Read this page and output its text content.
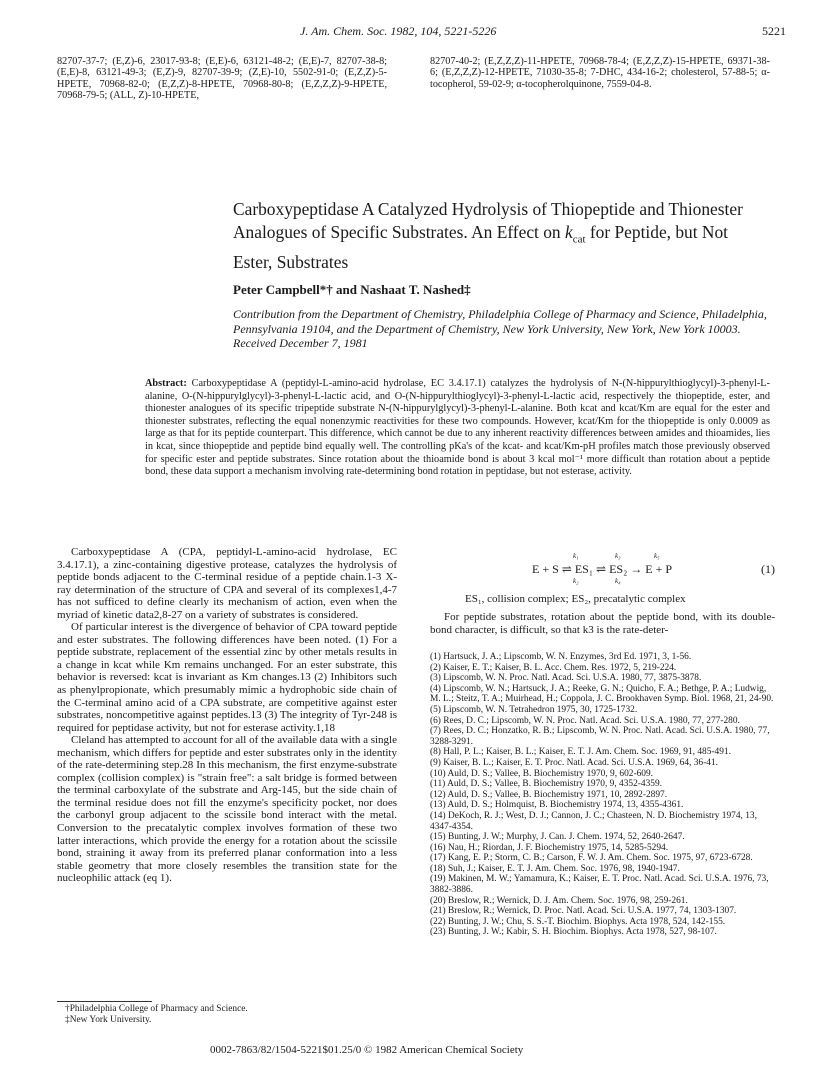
J. Am. Chem. Soc. 1982, 104, 5221-5226	5221
82707-37-7; (E,Z)-6, 23017-93-8; (E,E)-6, 63121-48-2; (E,E)-7, 82707-38-8; (E,E)-8, 63121-49-3; (E,Z)-9, 82707-39-9; (Z,E)-10, 5502-91-0; (E,Z,Z)-5-HPETE, 70968-82-0; (E,Z,Z)-8-HPETE, 70968-80-8; (E,Z,Z,Z)-9-HPETE, 70968-79-5; (ALL, Z)-10-HPETE,
82707-40-2; (E,Z,Z,Z)-11-HPETE, 70968-78-4; (E,Z,Z,Z)-15-HPETE, 69371-38-6; (E,Z,Z,Z)-12-HPETE, 71030-35-8; 7-DHC, 434-16-2; cholesterol, 57-88-5; α-tocopherol, 59-02-9; α-tocopherolquinone, 7559-04-8.
Carboxypeptidase A Catalyzed Hydrolysis of Thiopeptide and Thionester Analogues of Specific Substrates. An Effect on $k_{cat}$ for Peptide, but Not Ester, Substrates
Peter Campbell*† and Nashaat T. Nashed‡
Contribution from the Department of Chemistry, Philadelphia College of Pharmacy and Science, Philadelphia, Pennsylvania 19104, and the Department of Chemistry, New York University, New York, New York 10003. Received December 7, 1981
Abstract: Carboxypeptidase A (peptidyl-L-amino-acid hydrolase, EC 3.4.17.1) catalyzes the hydrolysis of N-(N-hippurylthioglycyl)-3-phenyl-L-alanine, O-(N-hippurylglycyl)-3-phenyl-L-lactic acid, and O-(N-hippurylthioglycyl)-3-phenyl-L-lactic acid, respectively the thiopeptide, ester, and thionester analogues of its specific tripeptide substrate N-(N-hippurylglycyl)-3-phenyl-L-alanine. Both kcat and kcat/Km are equal for the ester and thionester substrates, reflecting the equal nonenzymic reactivities for these two compounds. However, kcat/Km for the thiopeptide is only 0.0009 as large as that for its peptide counterpart. This difference, which cannot be due to any inherent reactivity differences between amides and thioamides, lies in kcat, since thiopeptide and peptide bind equally well. The controlling pKa's of the kcat- and kcat/Km-pH profiles match those previously observed for specific ester and peptide substrates. Since rotation about the thioamide bond is about 3 kcal mol⁻¹ more difficult than rotation about a peptide bond, these data support a mechanism involving rate-determining bond rotation in peptidase, but not esterase, activity.

Carboxypeptidase A (CPA, peptidyl-L-amino-acid hydrolase, EC 3.4.17.1), a zinc-containing digestive protease, catalyzes the hydrolysis of peptide bonds adjacent to the C-terminal residue of a peptide chain.1-3 X-ray determination of the structure of CPA and several of its complexes1,4-7 has not sufficed to define clearly its mechanism of action, even when the myriad of kinetic data2,8-27 on a variety of substrates is considered.

Of particular interest is the divergence of behavior of CPA toward peptide and ester substrates. The following differences have been noted. (1) For a peptide substrate, replacement of the essential zinc by other metals results in a change in kcat while Km remains unchanged. For an ester substrate, this behavior is reversed: kcat is invariant as Km changes.13 (2) Inhibitors such as phenylpropionate, which presumably mimic a hydrophobic side chain of the C-terminal amino acid of a CPA substrate, are competitive against ester substrates, noncompetitive against peptides.13 (3) The integrity of Tyr-248 is required for peptidase activity, but not for esterase activity.1,18

Cleland has attempted to account for all of the available data with a single mechanism, which differs for peptide and ester substrates only in the identity of the rate-determining step.28 In this mechanism, the first enzyme-substrate complex (collision complex) is "strain free": a salt bridge is formed between the terminal carboxylate of the substrate and Arg-145, but the side chain of the terminal residue does not fill the enzyme's specificity pocket, nor does the carbonyl group adjacent to the scissile bond interact with the metal. Conversion to the precatalytic complex involves formation of these two latter interactions, which provide the energy for a rotation about the scissile bond, straining it away from its preferred planar conformation into a less stable geometry that more closely resembles the transition state for the nucleophilic attack (eq 1).

k₁
k₂
k₃
k₄
k₅
E + S ⇌ ES₁ ⇌ ES₂ → E + P	(1)
ES₁, collision complex; ES₂, precatalytic complex
For peptide substrates, rotation about the peptide bond, with its double-bond character, is difficult, so that k3 is the rate-deter-

(1) Hartsuck, J. A.; Lipscomb, W. N. Enzymes, 3rd Ed. 1971, 3, 1-56.

(2) Kaiser, E. T.; Kaiser, B. L. Acc. Chem. Res. 1972, 5, 219-224.

(3) Lipscomb, W. N. Proc. Natl. Acad. Sci. U.S.A. 1980, 77, 3875-3878.

(4) Lipscomb, W. N.; Hartsuck, J. A.; Reeke, G. N.; Quicho, F. A.; Bethge, P. A.; Ludwig, M. L.; Steitz, T. A.; Muirhead, H.; Coppola, J. C. Brookhaven Symp. Biol. 1968, 21, 24-90.

(5) Lipscomb, W. N. Tetrahedron 1975, 30, 1725-1732.

(6) Rees, D. C.; Lipscomb, W. N. Proc. Natl. Acad. Sci. U.S.A. 1980, 77, 277-280.

(7) Rees, D. C.; Honzatko, R. B.; Lipscomb, W. N. Proc. Natl. Acad. Sci. U.S.A. 1980, 77, 3288-3291.

(8) Hall, P. L.; Kaiser, B. L.; Kaiser, E. T. J. Am. Chem. Soc. 1969, 91, 485-491.

(9) Kaiser, B. L.; Kaiser, E. T. Proc. Natl. Acad. Sci. U.S.A. 1969, 64, 36-41.

(10) Auld, D. S.; Vallee, B. Biochemistry 1970, 9, 602-609.

(11) Auld, D. S.; Vallee, B. Biochemistry 1970, 9, 4352-4359.

(12) Auld, D. S.; Vallee, B. Biochemistry 1971, 10, 2892-2897.

(13) Auld, D. S.; Holmquist, B. Biochemistry 1974, 13, 4355-4361.

(14) DeKoch, R. J.; West, D. J.; Cannon, J. C.; Chasteen, N. D. Biochemistry 1974, 13, 4347-4354.

(15) Bunting, J. W.; Murphy, J. Can. J. Chem. 1974, 52, 2640-2647.

(16) Nau, H.; Riordan, J. F. Biochemistry 1975, 14, 5285-5294.

(17) Kang, E. P.; Storm, C. B.; Carson, F. W. J. Am. Chem. Soc. 1975, 97, 6723-6728.

(18) Suh, J.; Kaiser, E. T. J. Am. Chem. Soc. 1976, 98, 1940-1947.

(19) Makinen, M. W.; Yamamura, K.; Kaiser, E. T. Proc. Natl. Acad. Sci. U.S.A. 1976, 73, 3882-3886.

(20) Breslow, R.; Wernick, D. J. Am. Chem. Soc. 1976, 98, 259-261.

(21) Breslow, R.; Wernick, D. Proc. Natl. Acad. Sci. U.S.A. 1977, 74, 1303-1307.

(22) Bunting, J. W.; Chu, S. S.-T. Biochim. Biophys. Acta 1978, 524, 142-155.

(23) Bunting, J. W.; Kabir, S. H. Biochim. Biophys. Acta 1978, 527, 98-107.

†Philadelphia College of Pharmacy and Science.
‡New York University.
0002-7863/82/1504-5221$01.25/0 © 1982 American Chemical Society
